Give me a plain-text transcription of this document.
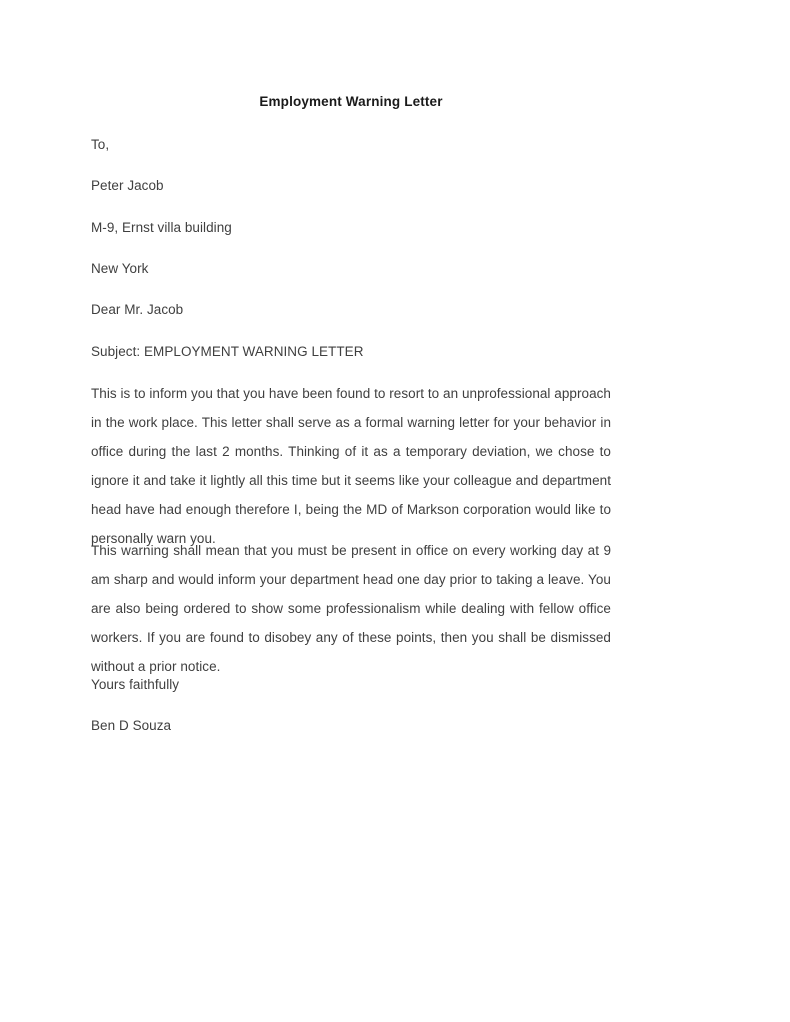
Employment Warning Letter
To,
Peter Jacob
M-9, Ernst villa building
New York
Dear Mr. Jacob
Subject: EMPLOYMENT WARNING LETTER
This is to inform you that you have been found to resort to an unprofessional approach in the work place. This letter shall serve as a formal warning letter for your behavior in office during the last 2 months. Thinking of it as a temporary deviation, we chose to ignore it and take it lightly all this time but it seems like your colleague and department head have had enough therefore I, being the MD of Markson corporation would like to personally warn you.
This warning shall mean that you must be present in office on every working day at 9 am sharp and would inform your department head one day prior to taking a leave. You are also being ordered to show some professionalism while dealing with fellow office workers. If you are found to disobey any of these points, then you shall be dismissed without a prior notice.
Yours faithfully
Ben D Souza
